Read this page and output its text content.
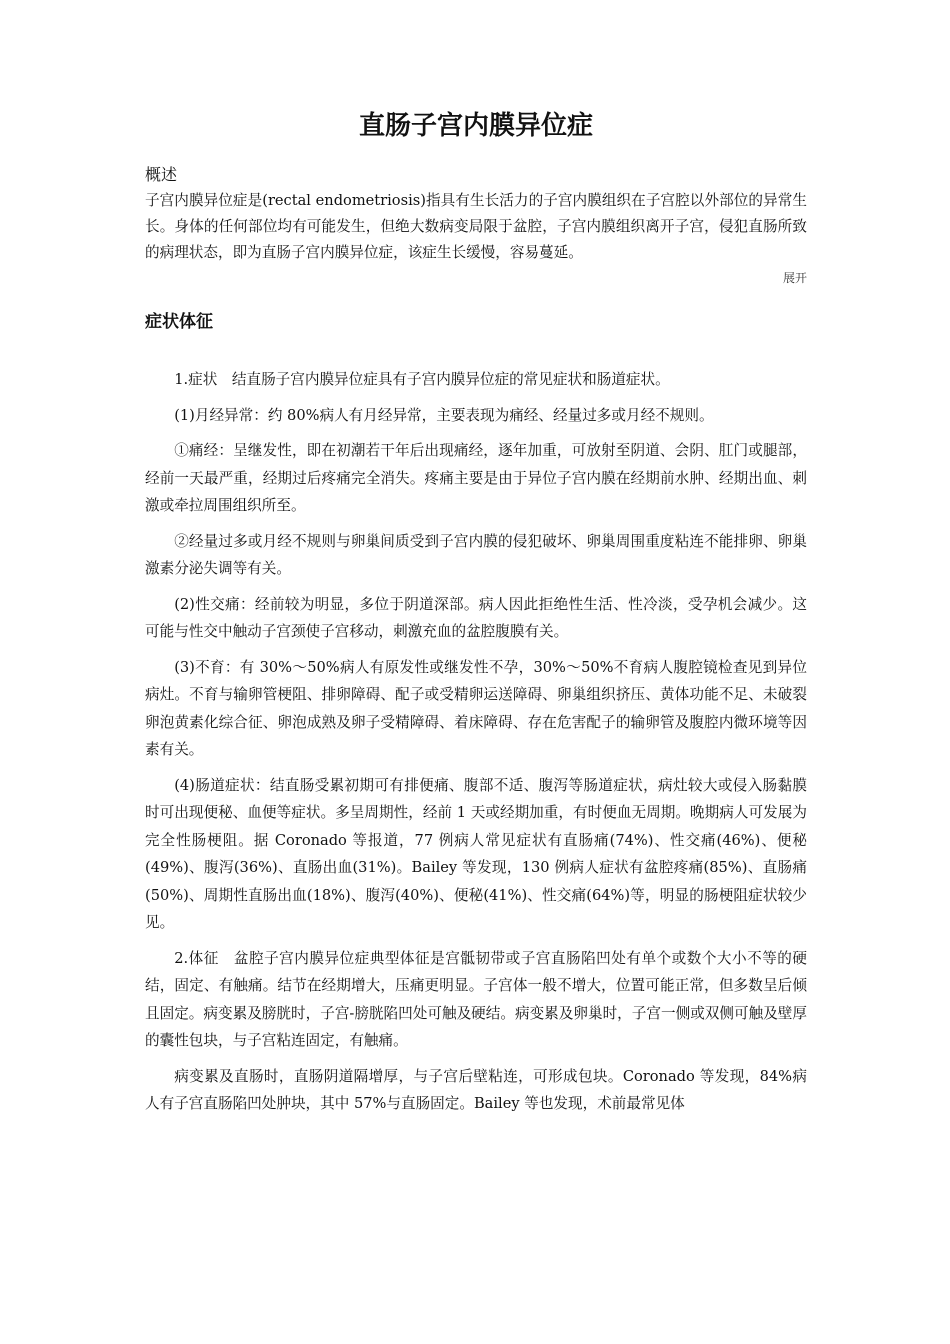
直肠子宫内膜异位症
概述
子宫内膜异位症是(rectal endometriosis)指具有生长活力的子宫内膜组织在子宫腔以外部位的异常生长。身体的任何部位均有可能发生，但绝大数病变局限于盆腔，子宫内膜组织离开子宫，侵犯直肠所致的病理状态，即为直肠子宫内膜异位症，该症生长缓慢，容易蔓延。
展开
症状体征

1.症状　结直肠子宫内膜异位症具有子宫内膜异位症的常见症状和肠道症状。

(1)月经异常：约 80%病人有月经异常，主要表现为痛经、经量过多或月经不规则。

①痛经：呈继发性，即在初潮若干年后出现痛经，逐年加重，可放射至阴道、会阴、肛门或腿部，经前一天最严重，经期过后疼痛完全消失。疼痛主要是由于异位子宫内膜在经期前水肿、经期出血、刺激或牵拉周围组织所至。

②经量过多或月经不规则与卵巢间质受到子宫内膜的侵犯破坏、卵巢周围重度粘连不能排卵、卵巢激素分泌失调等有关。

(2)性交痛：经前较为明显，多位于阴道深部。病人因此拒绝性生活、性冷淡，受孕机会减少。这可能与性交中触动子宫颈使子宫移动，刺激充血的盆腔腹膜有关。

(3)不育：有 30%～50%病人有原发性或继发性不孕，30%～50%不育病人腹腔镜检查见到异位病灶。不育与输卵管梗阻、排卵障碍、配子或受精卵运送障碍、卵巢组织挤压、黄体功能不足、未破裂卵泡黄素化综合征、卵泡成熟及卵子受精障碍、着床障碍、存在危害配子的输卵管及腹腔内微环境等因素有关。

(4)肠道症状：结直肠受累初期可有排便痛、腹部不适、腹泻等肠道症状，病灶较大或侵入肠黏膜时可出现便秘、血便等症状。多呈周期性，经前 1 天或经期加重，有时便血无周期。晚期病人可发展为完全性肠梗阻。据 Coronado 等报道，77 例病人常见症状有直肠痛(74%)、性交痛(46%)、便秘(49%)、腹泻(36%)、直肠出血(31%)。Bailey 等发现，130 例病人症状有盆腔疼痛(85%)、直肠痛(50%)、周期性直肠出血(18%)、腹泻(40%)、便秘(41%)、性交痛(64%)等，明显的肠梗阻症状较少见。

2.体征　盆腔子宫内膜异位症典型体征是宫骶韧带或子宫直肠陷凹处有单个或数个大小不等的硬结，固定、有触痛。结节在经期增大，压痛更明显。子宫体一般不增大，位置可能正常，但多数呈后倾且固定。病变累及膀胱时，子宫-膀胱陷凹处可触及硬结。病变累及卵巢时，子宫一侧或双侧可触及壁厚的囊性包块，与子宫粘连固定，有触痛。

病变累及直肠时，直肠阴道隔增厚，与子宫后壁粘连，可形成包块。Coronado 等发现，84%病人有子宫直肠陷凹处肿块，其中 57%与直肠固定。Bailey 等也发现，术前最常见体
